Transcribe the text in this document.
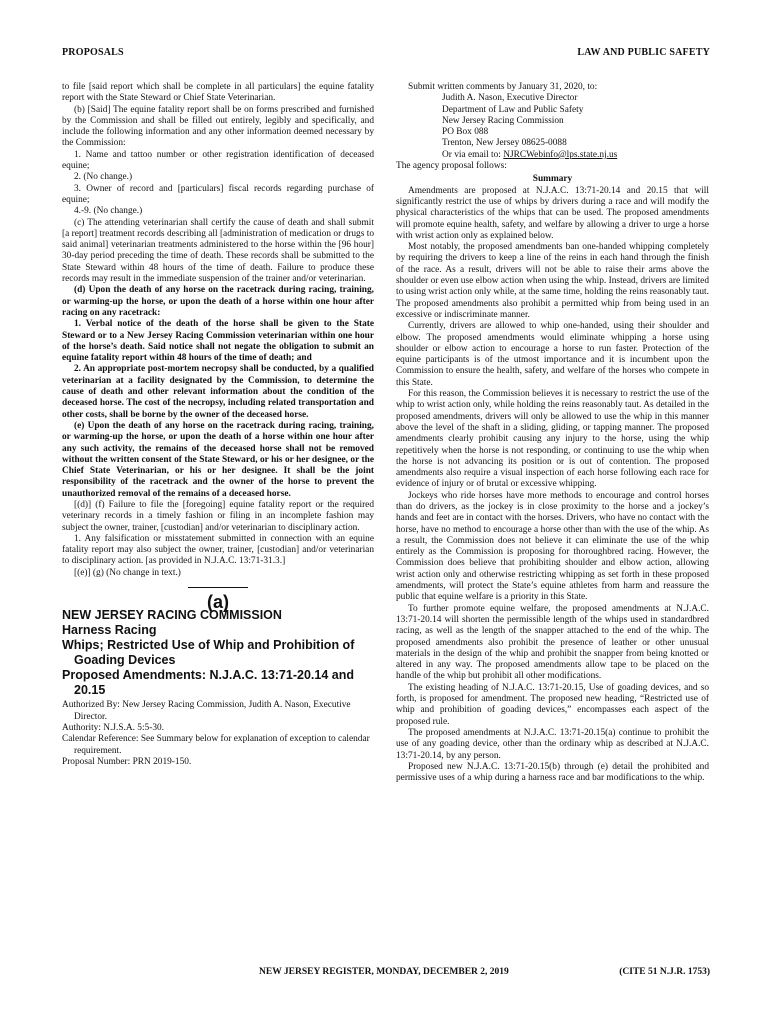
PROPOSALS	LAW AND PUBLIC SAFETY

to file [said report which shall be complete in all particulars] the equine fatality report with the State Steward or Chief State Veterinarian.

(b) [Said] The equine fatality report shall be on forms prescribed and furnished by the Commission and shall be filled out entirely, legibly and specifically, and include the following information and any other information deemed necessary by the Commission:

1. Name and tattoo number or other registration identification of deceased equine;

2. (No change.)

3. Owner of record and [particulars] fiscal records regarding purchase of equine;

4.-9. (No change.)

(c) The attending veterinarian shall certify the cause of death and shall submit [a report] treatment records describing all [administration of medication or drugs to said animal] veterinarian treatments administered to the horse within the [96 hour] 30-day period preceding the time of death. These records shall be submitted to the State Steward within 48 hours of the time of death. Failure to produce these records may result in the immediate suspension of the trainer and/or veterinarian.

(d) Upon the death of any horse on the racetrack during racing, training, or warming-up the horse, or upon the death of a horse within one hour after racing on any racetrack:

1. Verbal notice of the death of the horse shall be given to the State Steward or to a New Jersey Racing Commission veterinarian within one hour of the horse’s death. Said notice shall not negate the obligation to submit an equine fatality report within 48 hours of the time of death; and

2. An appropriate post-mortem necropsy shall be conducted, by a qualified veterinarian at a facility designated by the Commission, to determine the cause of death and other relevant information about the condition of the deceased horse. The cost of the necropsy, including related transportation and other costs, shall be borne by the owner of the deceased horse.

(e) Upon the death of any horse on the racetrack during racing, training, or warming-up the horse, or upon the death of a horse within one hour after any such activity, the remains of the deceased horse shall not be removed without the written consent of the State Steward, or his or her designee, or the Chief State Veterinarian, or his or her designee. It shall be the joint responsibility of the racetrack and the owner of the horse to prevent the unauthorized removal of the remains of a deceased horse.

[(d)] (f) Failure to file the [foregoing] equine fatality report or the required veterinary records in a timely fashion or filing in an incomplete fashion may subject the owner, trainer, [custodian] and/or veterinarian to disciplinary action.

1. Any falsification or misstatement submitted in connection with an equine fatality report may also subject the owner, trainer, [custodian] and/or veterinarian to disciplinary action. [as provided in N.J.A.C. 13:71-31.3.]

[(e)] (g) (No change in text.)

(a)

NEW JERSEY RACING COMMISSION

Harness Racing

Whips; Restricted Use of Whip and Prohibition of Goading Devices

Proposed Amendments: N.J.A.C. 13:71-20.14 and 20.15

Authorized By: New Jersey Racing Commission, Judith A. Nason, Executive Director.

Authority: N.J.S.A. 5:5-30.

Calendar Reference: See Summary below for explanation of exception to calendar requirement.

Proposal Number: PRN 2019-150.

Submit written comments by January 31, 2020, to:

Judith A. Nason, Executive Director

Department of Law and Public Safety

New Jersey Racing Commission

PO Box 088

Trenton, New Jersey 08625-0088

Or via email to: NJRCWebinfo@lps.state.nj.us

The agency proposal follows:

Summary

Amendments are proposed at N.J.A.C. 13:71-20.14 and 20.15 that will significantly restrict the use of whips by drivers during a race and will modify the physical characteristics of the whips that can be used. The proposed amendments will promote equine health, safety, and welfare by allowing a driver to urge a horse with wrist action only as explained below.

Most notably, the proposed amendments ban one-handed whipping completely by requiring the drivers to keep a line of the reins in each hand through the finish of the race. As a result, drivers will not be able to raise their arms above the shoulder or even use elbow action when using the whip. Instead, drivers are limited to using wrist action only while, at the same time, holding the reins reasonably taut. The proposed amendments also prohibit a permitted whip from being used in an excessive or indiscriminate manner.

Currently, drivers are allowed to whip one-handed, using their shoulder and elbow. The proposed amendments would eliminate whipping a horse using shoulder or elbow action to encourage a horse to run faster. Protection of the equine participants is of the utmost importance and it is incumbent upon the Commission to ensure the health, safety, and welfare of the horses who compete in this State.

For this reason, the Commission believes it is necessary to restrict the use of the whip to wrist action only, while holding the reins reasonably taut. As detailed in the proposed amendments, drivers will only be allowed to use the whip in this manner above the level of the shaft in a sliding, gliding, or tapping manner. The proposed amendments clearly prohibit causing any injury to the horse, using the whip repetitively when the horse is not responding, or continuing to use the whip when the horse is not advancing its position or is out of contention. The proposed amendments also require a visual inspection of each horse following each race for evidence of injury or of brutal or excessive whipping.

Jockeys who ride horses have more methods to encourage and control horses than do drivers, as the jockey is in close proximity to the horse and a jockey’s hands and feet are in contact with the horses. Drivers, who have no contact with the horse, have no method to encourage a horse other than with the use of the whip. As a result, the Commission does not believe it can eliminate the use of the whip entirely as the Commission is proposing for thoroughbred racing. However, the Commission does believe that prohibiting shoulder and elbow action, allowing wrist action only and otherwise restricting whipping as set forth in these proposed amendments, will protect the State’s equine athletes from harm and reassure the public that equine welfare is a priority in this State.

To further promote equine welfare, the proposed amendments at N.J.A.C. 13:71-20.14 will shorten the permissible length of the whips used in standardbred racing, as well as the length of the snapper attached to the end of the whip. The proposed amendments also prohibit the presence of leather or other unusual materials in the design of the whip and prohibit the snapper from being knotted or altered in any way. The proposed amendments allow tape to be placed on the handle of the whip but prohibit all other modifications.

The existing heading of N.J.A.C. 13:71-20.15, Use of goading devices, and so forth, is proposed for amendment. The proposed new heading, “Restricted use of whip and prohibition of goading devices,” encompasses each aspect of the proposed rule.

The proposed amendments at N.J.A.C. 13:71-20.15(a) continue to prohibit the use of any goading device, other than the ordinary whip as described at N.J.A.C. 13:71-20.14, by any person.

Proposed new N.J.A.C. 13:71-20.15(b) through (e) detail the prohibited and permissive uses of a whip during a harness race and bar modifications to the whip.

NEW JERSEY REGISTER, MONDAY, DECEMBER 2, 2019	(CITE 51 N.J.R. 1753)
